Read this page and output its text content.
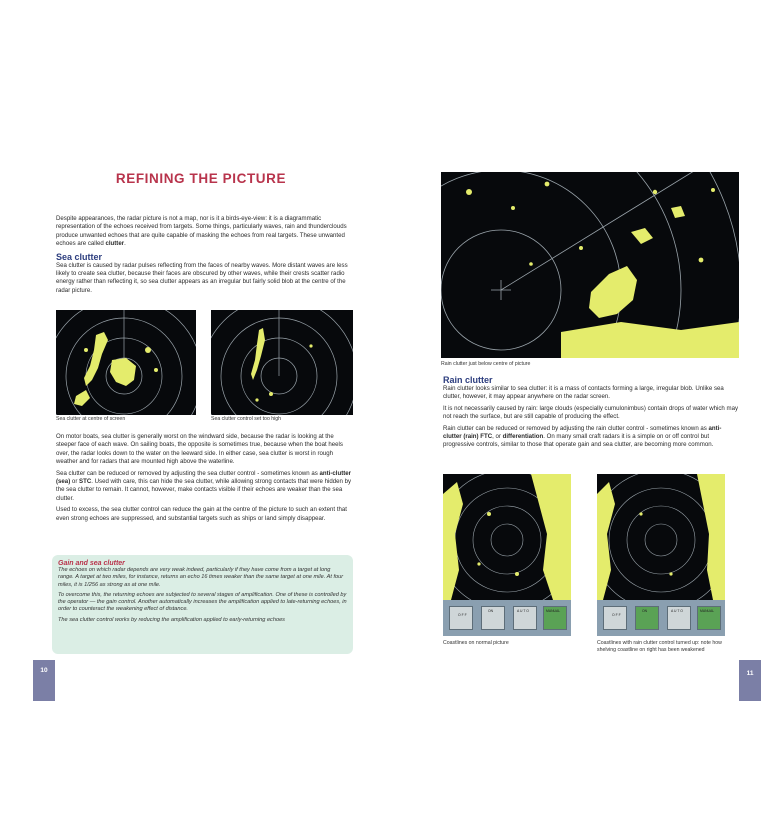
REFINING THE PICTURE

Despite appearances, the radar picture is not a map, nor is it a birds-eye-view: it is a diagrammatic representation of the echoes received from targets. Some things, particularly waves, rain and thunderclouds produce unwanted echoes that are quite capable of masking the echoes from real targets. These unwanted echoes are called clutter.

Sea clutter

Sea clutter is caused by radar pulses reflecting from the faces of nearby waves. More distant waves are less likely to create sea clutter, because their faces are obscured by other waves, while their crests scatter radio energy rather than reflecting it, so sea clutter appears as an irregular but fairly solid blob at the centre of the radar picture.

Sea clutter at centre of screen	Sea clutter control set too high

On motor boats, sea clutter is generally worst on the windward side, because the radar is looking at the steeper face of each wave. On sailing boats, the opposite is sometimes true, because when the boat heels over, the radar looks down to the water on the leeward side. In either case, sea clutter is worst in rough weather and for radars that are mounted high above the waterline.

Sea clutter can be reduced or removed by adjusting the sea clutter control - sometimes known as anti-clutter (sea) or STC. Used with care, this can hide the sea clutter, while allowing strong contacts that were hidden by the sea clutter to remain. It cannot, however, make contacts visible if their echoes are weaker than the sea clutter.

Used to excess, the sea clutter control can reduce the gain at the centre of the picture to such an extent that even strong echoes are suppressed, and substantial targets such as ships or land simply disappear.

Gain and sea clutter

The echoes on which radar depends are very weak indeed, particularly if they have come from a target at long range. A target at two miles, for instance, returns an echo 16 times weaker than the same target at one mile. At four miles, it is 1/256 as strong as at one mile.

To overcome this, the returning echoes are subjected to several stages of amplification. One of these is controlled by the operator — the gain control. Another automatically increases the amplification applied to late-returning echoes, in order to counteract the weakening effect of distance.

The sea clutter control works by reducing the amplification applied to early-returning echoes

10
Rain clutter just below centre of picture
Rain clutter

Rain clutter looks similar to sea clutter: it is a mass of contacts forming a large, irregular blob. Unlike sea clutter, however, it may appear anywhere on the radar screen.

It is not necessarily caused by rain: large clouds (especially cumulonimbus) contain drops of water which may not reach the surface, but are still capable of producing the effect.

Rain clutter can be reduced or removed by adjusting the rain clutter control - sometimes known as anti-clutter (rain) FTC, or differentiation. On many small craft radars it is a simple on or off control but progressive controls, similar to those that operate gain and sea clutter, are becoming more common.

O F F
ON	A U T O	MANUAL
Coastlines on normal picture
O F F
ON	A U T O	MANUAL
Coastlines with rain clutter control turned up: note how shelving coastline on right has been weakened
11
